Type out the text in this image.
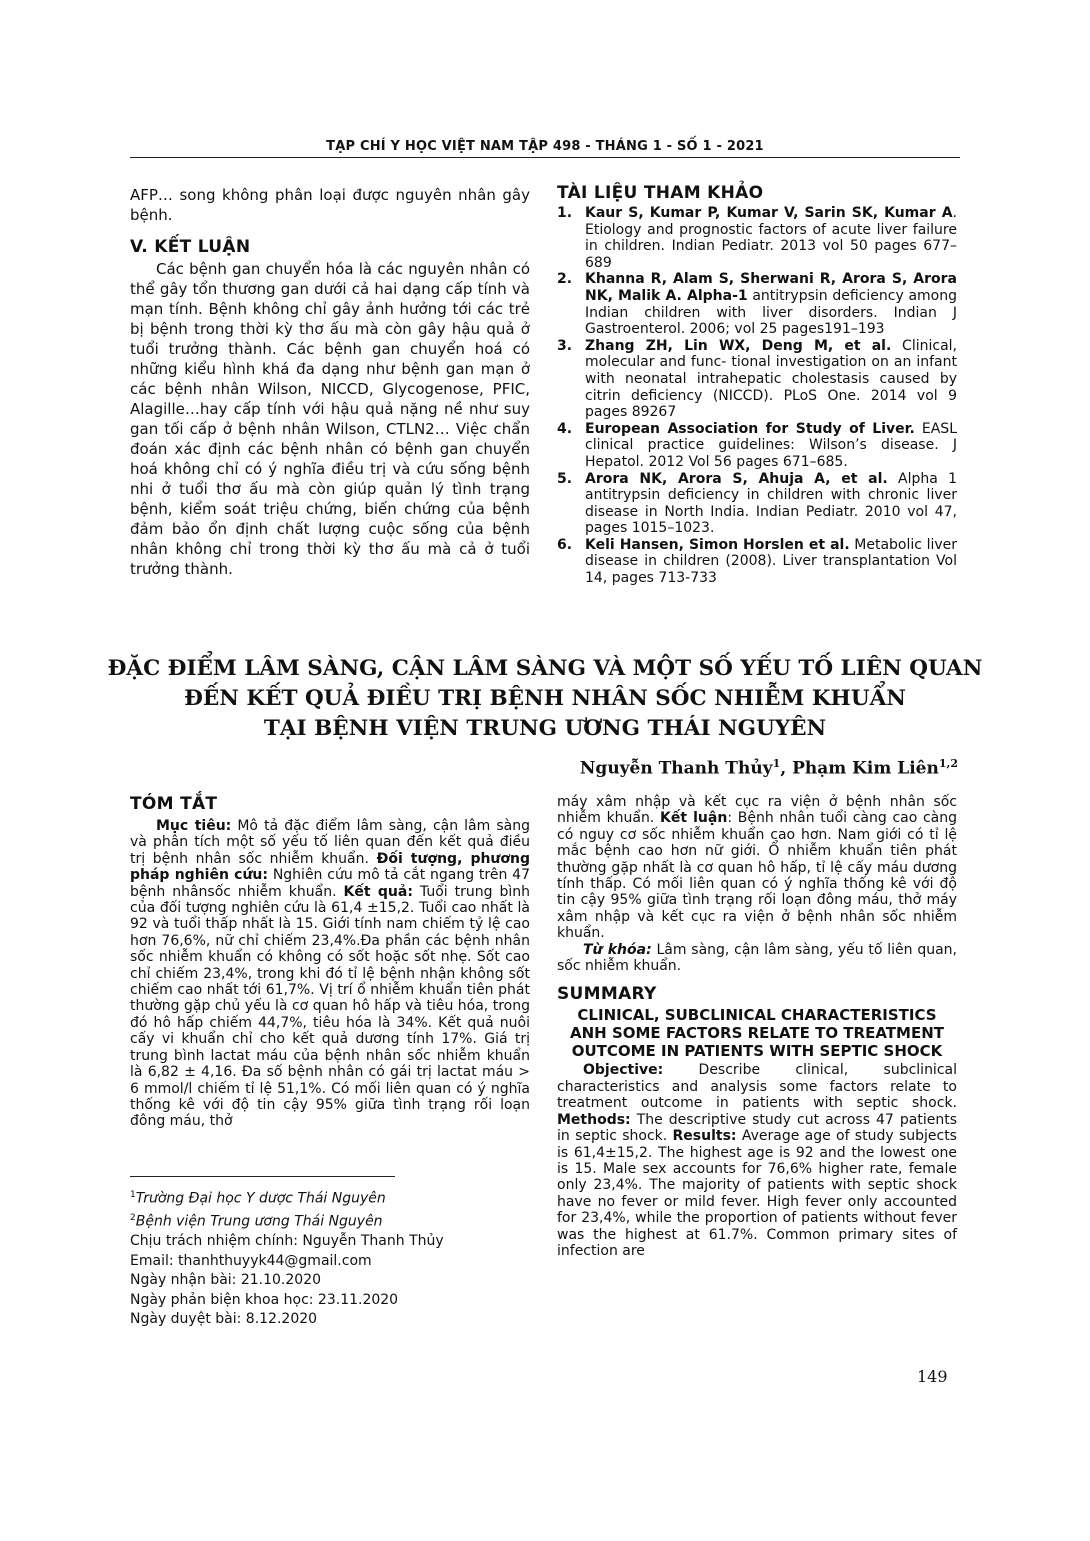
TẠP CHÍ Y HỌC VIỆT NAM TẬP 498 - THÁNG 1 - SỐ 1 - 2021

AFP… song không phân loại được nguyên nhân gây bệnh.

V. KẾT LUẬN

Các bệnh gan chuyển hóa là các nguyên nhân có thể gây tổn thương gan dưới cả hai dạng cấp tính và mạn tính. Bệnh không chỉ gây ảnh hưởng tới các trẻ bị bệnh trong thời kỳ thơ ấu mà còn gây hậu quả ở tuổi trưởng thành. Các bệnh gan chuyển hoá có những kiểu hình khá đa dạng như bệnh gan mạn ở các bệnh nhân Wilson, NICCD, Glycogenose, PFIC, Alagille…hay cấp tính với hậu quả nặng nề như suy gan tối cấp ở bệnh nhân Wilson, CTLN2… Việc chẩn đoán xác định các bệnh nhân có bệnh gan chuyển hoá không chỉ có ý nghĩa điều trị và cứu sống bệnh nhi ở tuổi thơ ấu mà còn giúp quản lý tình trạng bệnh, kiểm soát triệu chứng, biến chứng của bệnh đảm bảo ổn định chất lượng cuộc sống của bệnh nhân không chỉ trong thời kỳ thơ ấu mà cả ở tuổi trưởng thành.

TÀI LIỆU THAM KHẢO
1. Kaur S, Kumar P, Kumar V, Sarin SK, Kumar A. Etiology and prognostic factors of acute liver failure in children. Indian Pediatr. 2013 vol 50 pages 677–689
2. Khanna R, Alam S, Sherwani R, Arora S, Arora NK, Malik A. Alpha-1 antitrypsin deficiency among Indian children with liver disorders. Indian J Gastroenterol. 2006; vol 25 pages191–193
3. Zhang ZH, Lin WX, Deng M, et al. Clinical, molecular and func- tional investigation on an infant with neonatal intrahepatic cholestasis caused by citrin deficiency (NICCD). PLoS One. 2014 vol 9 pages 89267
4. European Association for Study of Liver. EASL clinical practice guidelines: Wilson’s disease. J Hepatol. 2012 Vol 56 pages 671–685.
5. Arora NK, Arora S, Ahuja A, et al. Alpha 1 antitrypsin deficiency in children with chronic liver disease in North India. Indian Pediatr. 2010 vol 47, pages 1015–1023.
6. Keli Hansen, Simon Horslen et al. Metabolic liver disease in children (2008). Liver transplantation Vol 14, pages 713-733
ĐẶC ĐIỂM LÂM SÀNG, CẬN LÂM SÀNG VÀ MỘT SỐ YẾU TỐ LIÊN QUAN
ĐẾN KẾT QUẢ ĐIỀU TRỊ BỆNH NHÂN SỐC NHIỄM KHUẨN
TẠI BỆNH VIỆN TRUNG ƯƠNG THÁI NGUYÊN
Nguyễn Thanh Thủy$^1$, Phạm Kim Liên$^{1,2}$
TÓM TẮT

Mục tiêu: Mô tả đặc điểm lâm sàng, cận lâm sàng và phân tích một số yếu tố liên quan đến kết quả điều trị bệnh nhân sốc nhiễm khuẩn. Đối tượng, phương pháp nghiên cứu: Nghiên cứu mô tả cắt ngang trên 47 bệnh nhânsốc nhiễm khuẩn. Kết quả: Tuổi trung bình của đối tượng nghiên cứu là 61,4 ±15,2. Tuổi cao nhất là 92 và tuổi thấp nhất là 15. Giới tính nam chiếm tỷ lệ cao hơn 76,6%, nữ chỉ chiếm 23,4%.Đa phần các bệnh nhân sốc nhiễm khuẩn có không có sốt hoặc sốt nhẹ. Sốt cao chỉ chiếm 23,4%, trong khi đó tỉ lệ bệnh nhận không sốt chiếm cao nhất tới 61,7%. Vị trí ổ nhiễm khuẩn tiên phát thường gặp chủ yếu là cơ quan hô hấp và tiêu hóa, trong đó hô hấp chiếm 44,7%, tiêu hóa là 34%. Kết quả nuôi cấy vi khuẩn chỉ cho kết quả dương tính 17%. Giá trị trung bình lactat máu của bệnh nhân sốc nhiễm khuẩn là 6,82 ± 4,16. Đa số bệnh nhân có gái trị lactat máu > 6 mmol/l chiếm tỉ lệ 51,1%. Có mối liên quan có ý nghĩa thống kê với độ tin cậy 95% giữa tình trạng rối loạn đông máu, thở

$^1$Trường Đại học Y dược Thái Nguyên
$^2$Bệnh viện Trung ương Thái Nguyên
Chịu trách nhiệm chính: Nguyễn Thanh Thủy
Email: thanhthuyyk44@gmail.com
Ngày nhận bài: 21.10.2020
Ngày phản biện khoa học: 23.11.2020
Ngày duyệt bài: 8.12.2020

máy xâm nhập và kết cục ra viện ở bệnh nhân sốc nhiễm khuẩn. Kết luận: Bệnh nhân tuổi càng cao càng có nguy cơ sốc nhiễm khuẩn cao hơn. Nam giới có tỉ lệ mắc bệnh cao hơn nữ giới. Ổ nhiễm khuẩn tiên phát thường gặp nhất là cơ quan hô hấp, tỉ lệ cấy máu dương tính thấp. Có mối liên quan có ý nghĩa thống kê với độ tin cậy 95% giữa tình trạng rối loạn đông máu, thở máy xâm nhập và kết cục ra viện ở bệnh nhân sốc nhiễm khuẩn.

Từ khóa: Lâm sàng, cận lâm sàng, yếu tố liên quan, sốc nhiễm khuẩn.

SUMMARY
CLINICAL, SUBCLINICAL CHARACTERISTICS ANH SOME FACTORS RELATE TO TREATMENT OUTCOME IN PATIENTS WITH SEPTIC SHOCK

Objective: Describe clinical, subclinical characteristics and analysis some factors relate to treatment outcome in patients with septic shock. Methods: The descriptive study cut across 47 patients in septic shock. Results: Average age of study subjects is 61,4±15,2. The highest age is 92 and the lowest one is 15. Male sex accounts for 76,6% higher rate, female only 23,4%. The majority of patients with septic shock have no fever or mild fever. High fever only accounted for 23,4%, while the proportion of patients without fever was the highest at 61.7%. Common primary sites of infection are

149
